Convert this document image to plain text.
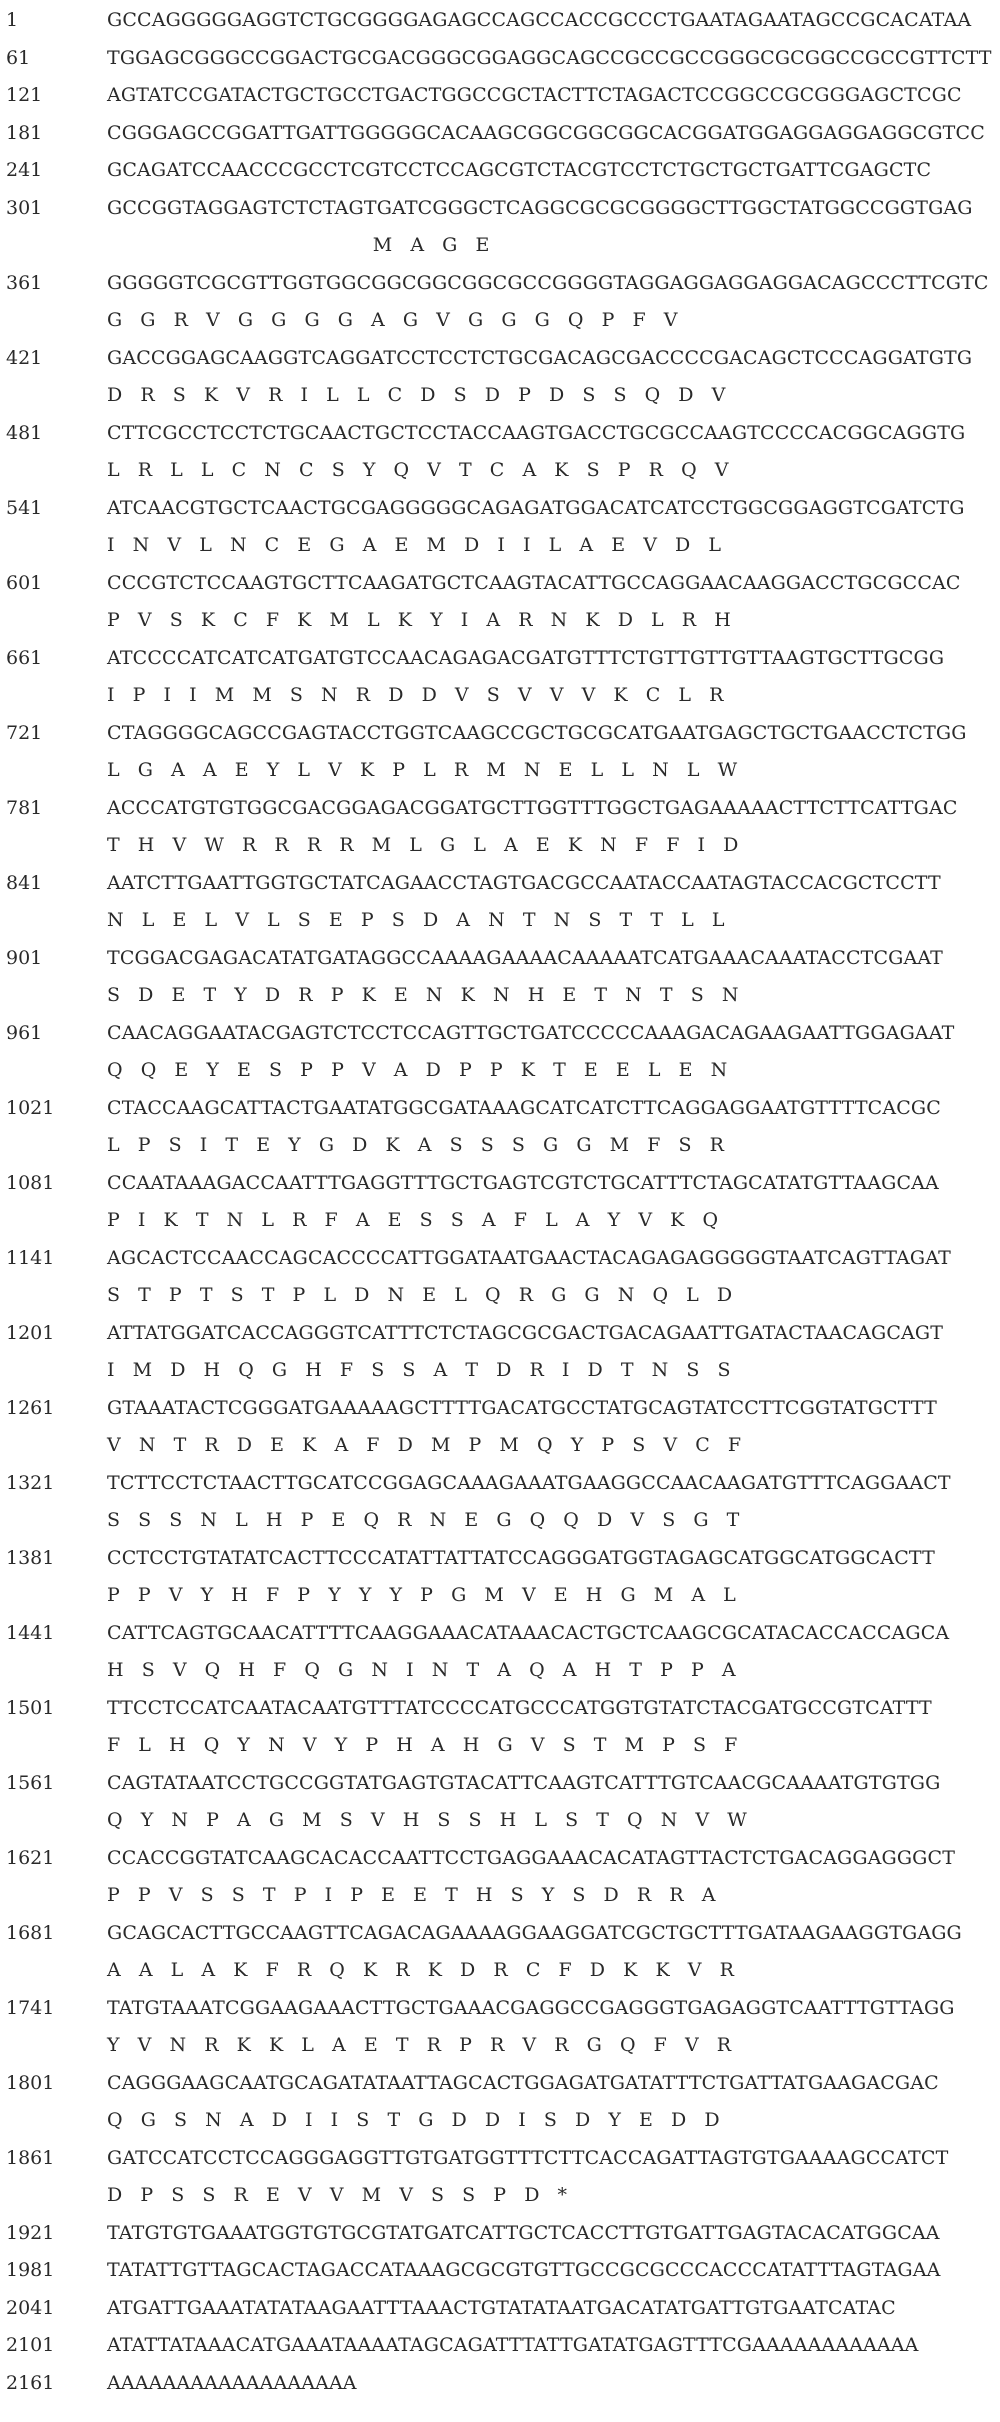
1	GCCAGGGGGAGGTCTGCGGGGAGAGCCAGCCACCGCCCTGAATAGAATAGCCGCACATAA
61	TGGAGCGGGCCGGACTGCGACGGGCGGAGGCAGCCGCCGCCGGGCGCGGCCGCCGTTCTT
121	AGTATCCGATACTGCTGCCTGACTGGCCGCTACTTCTAGACTCCGGCCGCGGGAGCTCGC
181	CGGGAGCCGGATTGATTGGGGGCACAAGCGGCGGCGGCACGGATGGAGGAGGAGGCGTCC
241	GCAGATCCAACCCGCCTCGTCCTCCAGCGTCTACGTCCTCTGCTGCTGATTCGAGCTC
301	GCCGGTAGGAGTCTCTAGTGATCGGGCTCAGGCGCGCGGGGCTTGGCTATGGCCGGTGAG
M   A   G   E
361	GGGGGTCGCGTTGGTGGCGGCGGCGGCGCCGGGGTAGGAGGAGGAGGACAGCCCTTCGTC
G   G   R   V   G   G   G   G   A   G   V   G   G   G   Q   P   F   V
421	GACCGGAGCAAGGTCAGGATCCTCCTCTGCGACAGCGACCCCGACAGCTCCCAGGATGTG
D   R   S   K   V   R   I   L   L   C   D   S   D   P   D   S   S   Q   D   V
481	CTTCGCCTCCTCTGCAACTGCTCCTACCAAGTGACCTGCGCCAAGTCCCCACGGCAGGTG
L   R   L   L   C   N   C   S   Y   Q   V   T   C   A   K   S   P   R   Q   V
541	ATCAACGTGCTCAACTGCGAGGGGGCAGAGATGGACATCATCCTGGCGGAGGTCGATCTG
I   N   V   L   N   C   E   G   A   E   M   D   I   I   L   A   E   V   D   L
601	CCCGTCTCCAAGTGCTTCAAGATGCTCAAGTACATTGCCAGGAACAAGGACCTGCGCCAC
P   V   S   K   C   F   K   M   L   K   Y   I   A   R   N   K   D   L   R   H
661	ATCCCCATCATCATGATGTCCAACAGAGACGATGTTTCTGTTGTTGTTAAGTGCTTGCGG
I   P   I   I   M   M   S   N   R   D   D   V   S   V   V   V   K   C   L   R
721	CTAGGGGCAGCCGAGTACCTGGTCAAGCCGCTGCGCATGAATGAGCTGCTGAACCTCTGG
L   G   A   A   E   Y   L   V   K   P   L   R   M   N   E   L   L   N   L   W
781	ACCCATGTGTGGCGACGGAGACGGATGCTTGGTTTGGCTGAGAAAAACTTCTTCATTGAC
T   H   V   W   R   R   R   R   M   L   G   L   A   E   K   N   F   F   I   D
841	AATCTTGAATTGGTGCTATCAGAACCTAGTGACGCCAATACCAATAGTACCACGCTCCTT
N   L   E   L   V   L   S   E   P   S   D   A   N   T   N   S   T   T   L   L
901	TCGGACGAGACATATGATAGGCCAAAAGAAAACAAAAATCATGAAACAAATACCTCGAAT
S   D   E   T   Y   D   R   P   K   E   N   K   N   H   E   T   N   T   S   N
961	CAACAGGAATACGAGTCTCCTCCAGTTGCTGATCCCCCAAAGACAGAAGAATTGGAGAAT
Q   Q   E   Y   E   S   P   P   V   A   D   P   P   K   T   E   E   L   E   N
1021	CTACCAAGCATTACTGAATATGGCGATAAAGCATCATCTTCAGGAGGAATGTTTTCACGC
L   P   S   I   T   E   Y   G   D   K   A   S   S   S   G   G   M   F   S   R
1081	CCAATAAAGACCAATTTGAGGTTTGCTGAGTCGTCTGCATTTCTAGCATATGTTAAGCAA
P   I   K   T   N   L   R   F   A   E   S   S   A   F   L   A   Y   V   K   Q
1141	AGCACTCCAACCAGCACCCCATTGGATAATGAACTACAGAGAGGGGGTAATCAGTTAGAT
S   T   P   T   S   T   P   L   D   N   E   L   Q   R   G   G   N   Q   L   D
1201	ATTATGGATCACCAGGGTCATTTCTCTAGCGCGACTGACAGAATTGATACTAACAGCAGT
I   M   D   H   Q   G   H   F   S   S   A   T   D   R   I   D   T   N   S   S
1261	GTAAATACTCGGGATGAAAAAGCTTTTGACATGCCTATGCAGTATCCTTCGGTATGCTTT
V   N   T   R   D   E   K   A   F   D   M   P   M   Q   Y   P   S   V   C   F
1321	TCTTCCTCTAACTTGCATCCGGAGCAAAGAAATGAAGGCCAACAAGATGTTTCAGGAACT
S   S   S   N   L   H   P   E   Q   R   N   E   G   Q   Q   D   V   S   G   T
1381	CCTCCTGTATATCACTTCCCATATTATTATCCAGGGATGGTAGAGCATGGCATGGCACTT
P   P   V   Y   H   F   P   Y   Y   Y   P   G   M   V   E   H   G   M   A   L
1441	CATTCAGTGCAACATTTTCAAGGAAACATAAACACTGCTCAAGCGCATACACCACCAGCA
H   S   V   Q   H   F   Q   G   N   I   N   T   A   Q   A   H   T   P   P   A
1501	TTCCTCCATCAATACAATGTTTATCCCCATGCCCATGGTGTATCTACGATGCCGTCATTT
F   L   H   Q   Y   N   V   Y   P   H   A   H   G   V   S   T   M   P   S   F
1561	CAGTATAATCCTGCCGGTATGAGTGTACATTCAAGTCATTTGTCAACGCAAAATGTGTGG
Q   Y   N   P   A   G   M   S   V   H   S   S   H   L   S   T   Q   N   V   W
1621	CCACCGGTATCAAGCACACCAATTCCTGAGGAAACACATAGTTACTCTGACAGGAGGGCT
P   P   V   S   S   T   P   I   P   E   E   T   H   S   Y   S   D   R   R   A
1681	GCAGCACTTGCCAAGTTCAGACAGAAAAGGAAGGATCGCTGCTTTGATAAGAAGGTGAGG
A   A   L   A   K   F   R   Q   K   R   K   D   R   C   F   D   K   K   V   R
1741	TATGTAAATCGGAAGAAACTTGCTGAAACGAGGCCGAGGGTGAGAGGTCAATTTGTTAGG
Y   V   N   R   K   K   L   A   E   T   R   P   R   V   R   G   Q   F   V   R
1801	CAGGGAAGCAATGCAGATATAATTAGCACTGGAGATGATATTTCTGATTATGAAGACGAC
Q   G   S   N   A   D   I   I   S   T   G   D   D   I   S   D   Y   E   D   D
1861	GATCCATCCTCCAGGGAGGTTGTGATGGTTTCTTCACCAGATTAGTGTGAAAAGCCATCT
D   P   S   S   R   E   V   V   M   V   S   S   P   D   *
1921	TATGTGTGAAATGGTGTGCGTATGATCATTGCTCACCTTGTGATTGAGTACACATGGCAA
1981	TATATTGTTAGCACTAGACCATAAAGCGCGTGTTGCCGCGCCCACCCATATTTAGTAGAA
2041	ATGATTGAAATATATAAGAATTTAAACTGTATATAATGACATATGATTGTGAATCATAC
2101	ATATTATAAACATGAAATAAAATAGCAGATTTATTGATATGAGTTTCGAAAAAAAAAAAA
2161	AAAAAAAAAAAAAAAAAA
